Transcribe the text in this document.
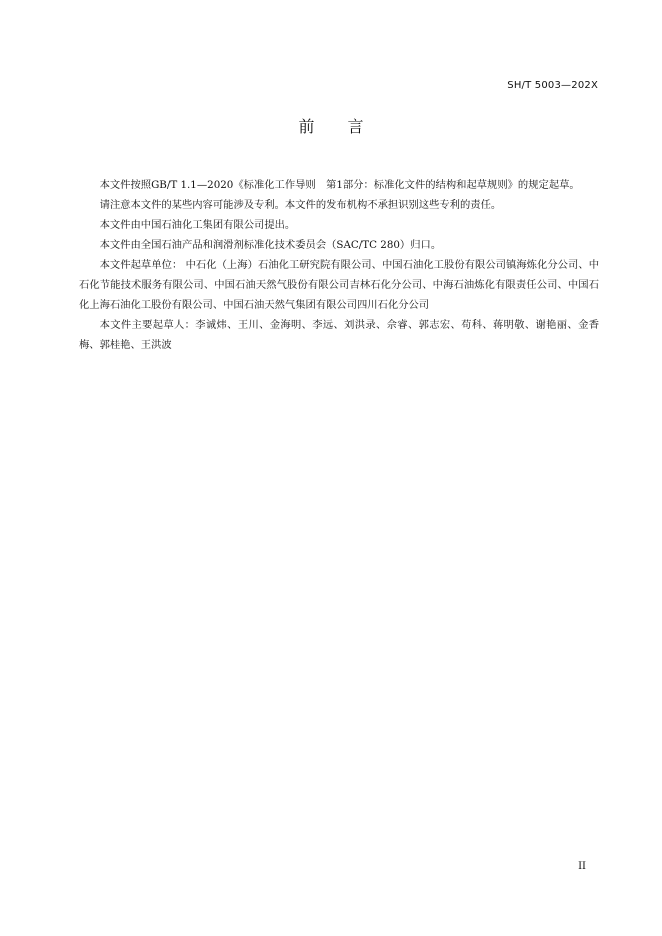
SH/T 5003—202X
前 言

本文件按照GB/T 1.1—2020《标准化工作导则　第1部分：标准化文件的结构和起草规则》的规定起草。

请注意本文件的某些内容可能涉及专利。本文件的发布机构不承担识别这些专利的责任。

本文件由中国石油化工集团有限公司提出。

本文件由全国石油产品和润滑剂标准化技术委员会（SAC/TC 280）归口。

本文件起草单位： 中石化（上海）石油化工研究院有限公司、中国石油化工股份有限公司镇海炼化分公司、中石化节能技术服务有限公司、中国石油天然气股份有限公司吉林石化分公司、中海石油炼化有限责任公司、中国石化上海石油化工股份有限公司、中国石油天然气集团有限公司四川石化分公司

本文件主要起草人：李诚炜、王川、金海明、李远、刘洪录、佘睿、郭志宏、苟科、蒋明敬、谢艳丽、金香梅、郭桂艳、王洪波

II
